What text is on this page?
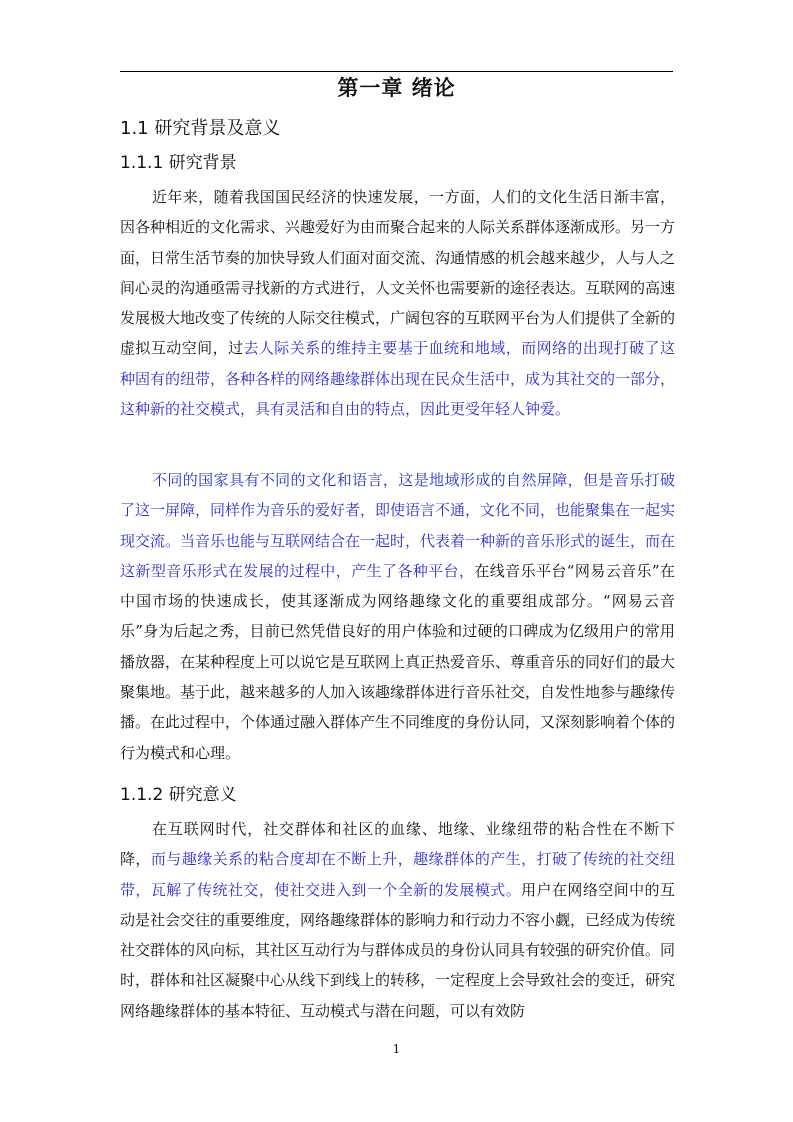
第一章 绪论
1.1 研究背景及意义
1.1.1 研究背景

近年来，随着我国国民经济的快速发展，一方面，人们的文化生活日渐丰富，因各种相近的文化需求、兴趣爱好为由而聚合起来的人际关系群体逐渐成形。另一方面，日常生活节奏的加快导致人们面对面交流、沟通情感的机会越来越少，人与人之间心灵的沟通亟需寻找新的方式进行，人文关怀也需要新的途径表达。互联网的高速发展极大地改变了传统的人际交往模式，广阔包容的互联网平台为人们提供了全新的虚拟互动空间，过去人际关系的维持主要基于血统和地域，而网络的出现打破了这种固有的纽带，各种各样的网络趣缘群体出现在民众生活中，成为其社交的一部分，这种新的社交模式，具有灵活和自由的特点，因此更受年轻人钟爱。

不同的国家具有不同的文化和语言，这是地域形成的自然屏障，但是音乐打破了这一屏障，同样作为音乐的爱好者，即使语言不通，文化不同，也能聚集在一起实现交流。当音乐也能与互联网结合在一起时，代表着一种新的音乐形式的诞生，而在这新型音乐形式在发展的过程中，产生了各种平台，在线音乐平台“网易云音乐”在中国市场的快速成长，使其逐渐成为网络趣缘文化的重要组成部分。“网易云音乐”身为后起之秀，目前已然凭借良好的用户体验和过硬的口碑成为亿级用户的常用播放器，在某种程度上可以说它是互联网上真正热爱音乐、尊重音乐的同好们的最大聚集地。基于此，越来越多的人加入该趣缘群体进行音乐社交，自发性地参与趣缘传播。在此过程中，个体通过融入群体产生不同维度的身份认同，又深刻影响着个体的行为模式和心理。

1.1.2 研究意义

在互联网时代，社交群体和社区的血缘、地缘、业缘纽带的粘合性在不断下降，而与趣缘关系的粘合度却在不断上升，趣缘群体的产生，打破了传统的社交纽带，瓦解了传统社交，使社交进入到一个全新的发展模式。用户在网络空间中的互动是社会交往的重要维度，网络趣缘群体的影响力和行动力不容小觑，已经成为传统社交群体的风向标，其社区互动行为与群体成员的身份认同具有较强的研究价值。同时，群体和社区凝聚中心从线下到线上的转移，一定程度上会导致社会的变迁，研究网络趣缘群体的基本特征、互动模式与潜在问题，可以有效防

1
